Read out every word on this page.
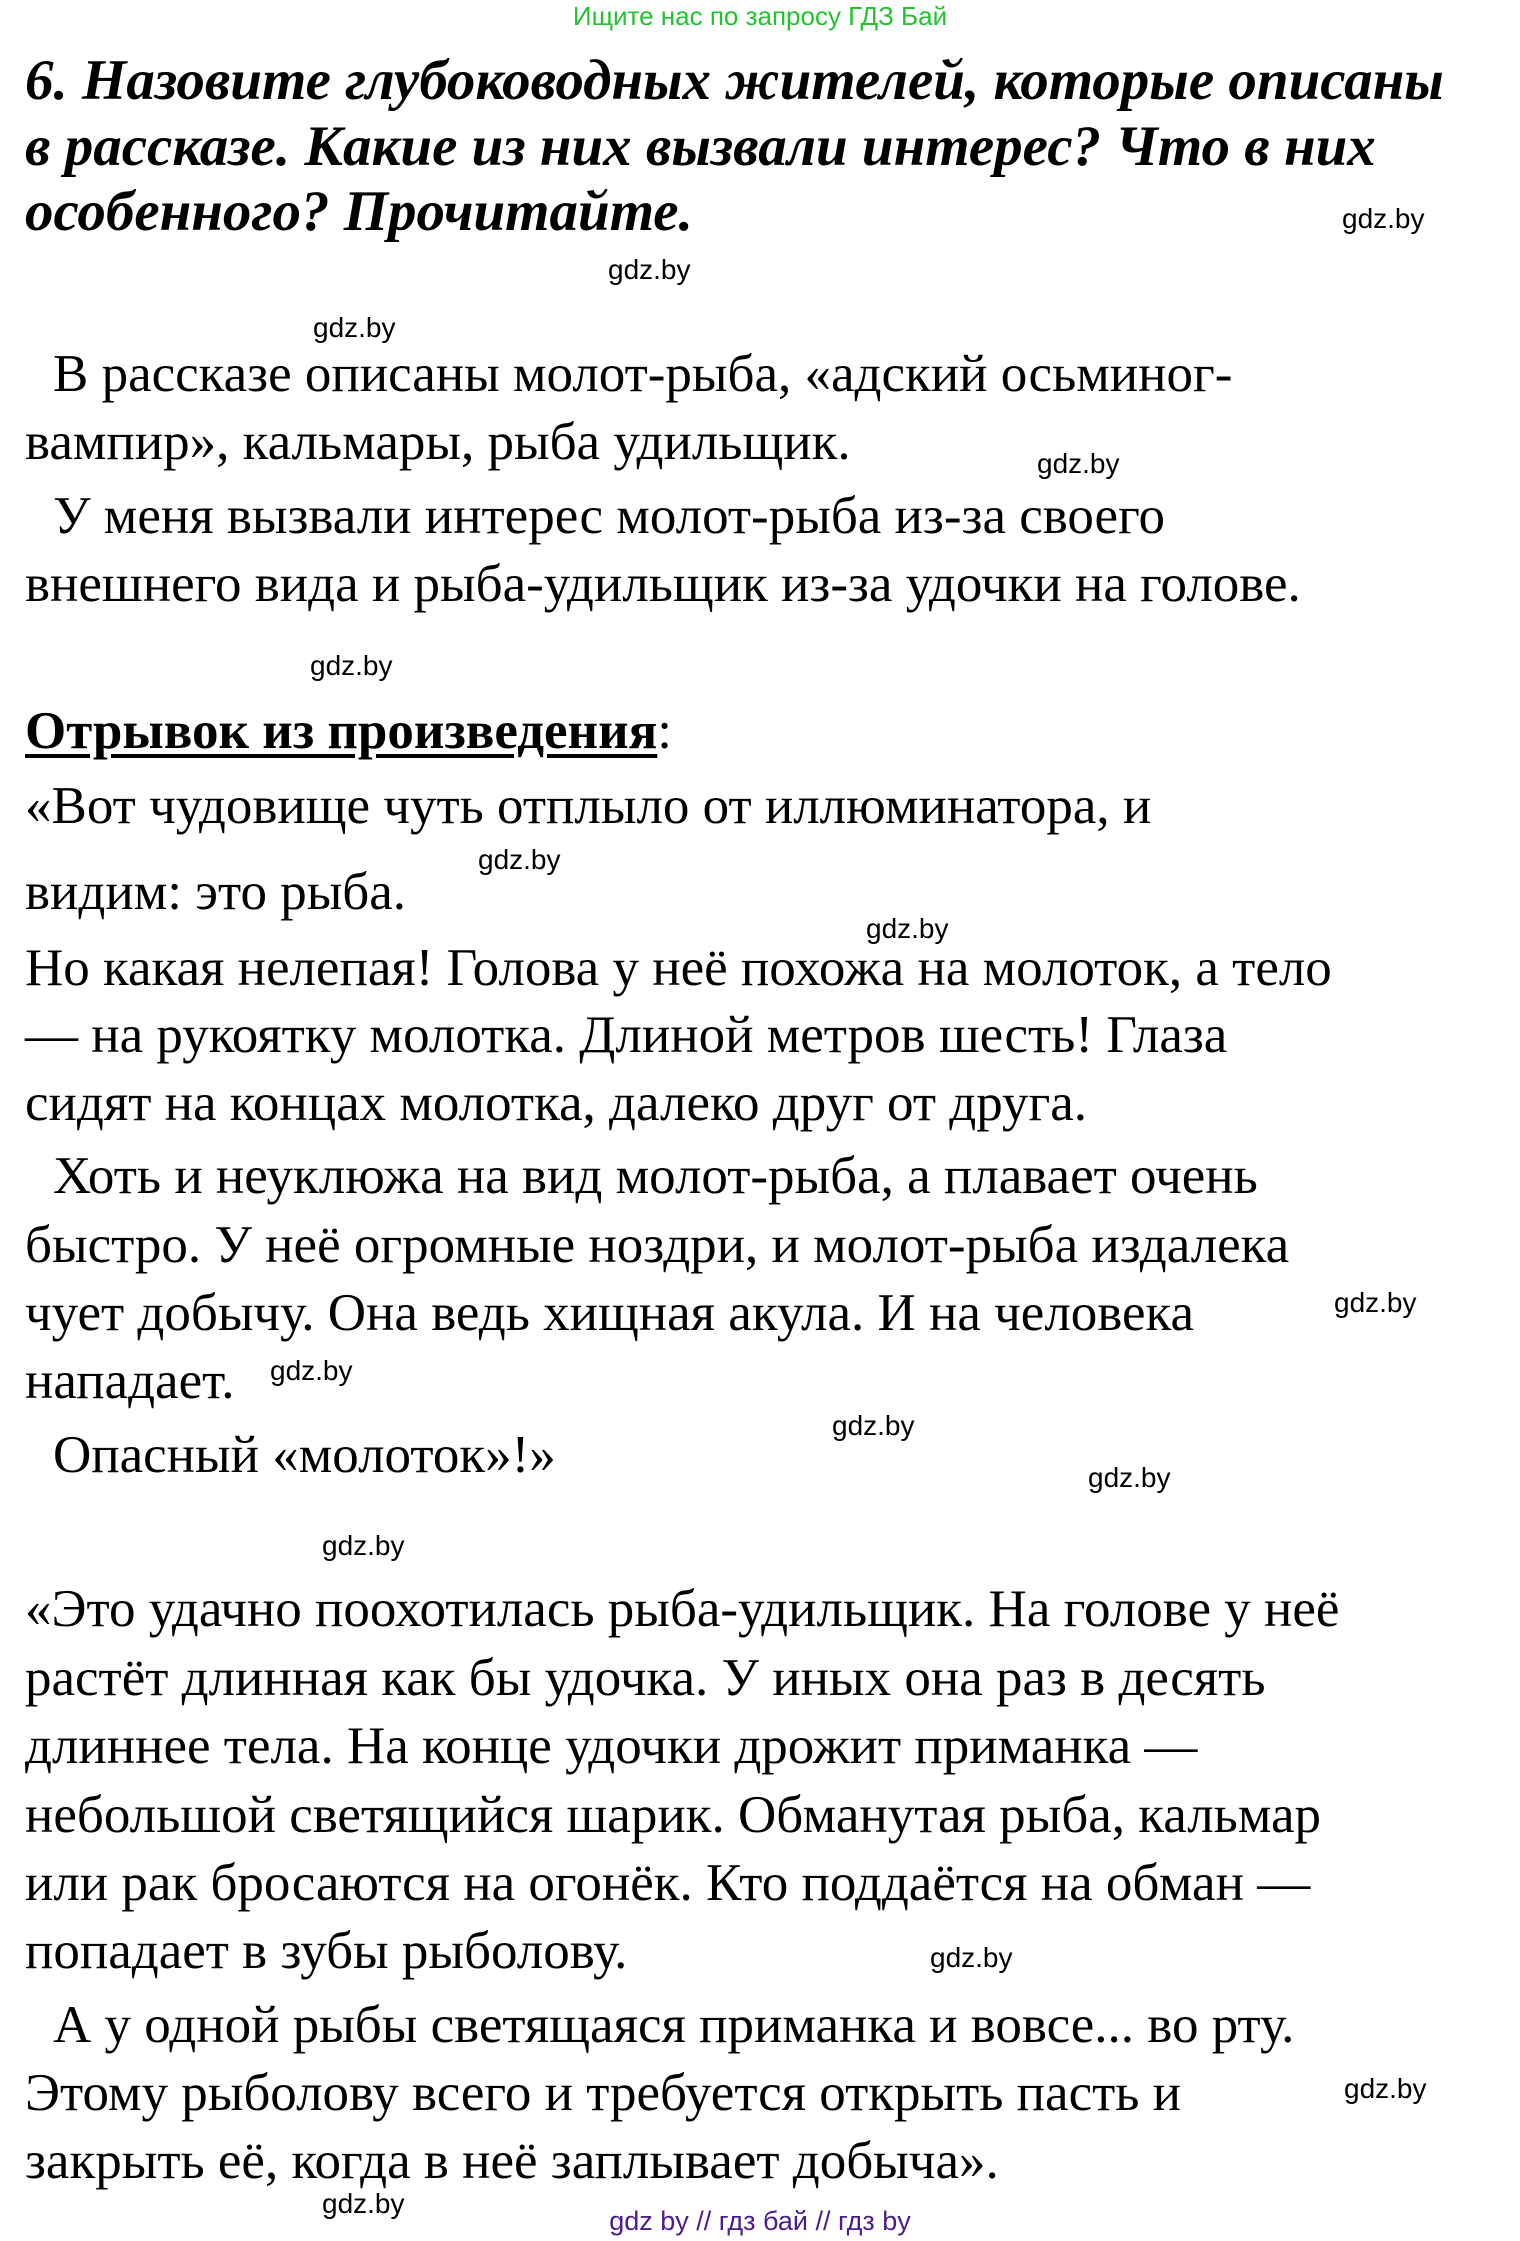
Ищите нас по запросу ГДЗ Бай
6. Назовите глубоководных жителей, которые описаны
в рассказе. Какие из них вызвали интерес? Что в них
особенного? Прочитайте.	gdz.by
gdz.by
gdz.by
В рассказе описаны молот-рыба, «адский осьминог-
вампир», кальмары, рыба удильщик.	gdz.by
У меня вызвали интерес молот-рыба из-за своего
внешнего вида и рыба-удильщик из-за удочки на голове.
gdz.by
Отрывок из произведения:
«Вот чудовище чуть отплыло от иллюминатора, и
gdz.by
видим: это рыба.
gdz.by
Но какая нелепая! Голова у неё похожа на молоток, а тело
— на рукоятку молотка. Длиной метров шесть! Глаза
сидят на концах молотка, далеко друг от друга.
Хоть и неуклюжа на вид молот-рыба, а плавает очень
быстро. У неё огромные ноздри, и молот-рыба издалека
чует добычу. Она ведь хищная акула. И на человека	gdz.by
нападает. gdz.by
gdz.by
Опасный «молоток»!»	gdz.by
gdz.by
«Это удачно поохотилась рыба-удильщик. На голове у неё
растёт длинная как бы удочка. У иных она раз в десять
длиннее тела. На конце удочки дрожит приманка —
небольшой светящийся шарик. Обманутая рыба, кальмар
или рак бросаются на огонёк. Кто поддаётся на обман —
попадает в зубы рыболову.	gdz.by
А у одной рыбы светящаяся приманка и вовсе... во рту.
Этому рыболову всего и требуется открыть пасть и	gdz.by
закрыть её, когда в неё заплывает добыча».
gdz.by
gdz by // гдз бай // гдз by
